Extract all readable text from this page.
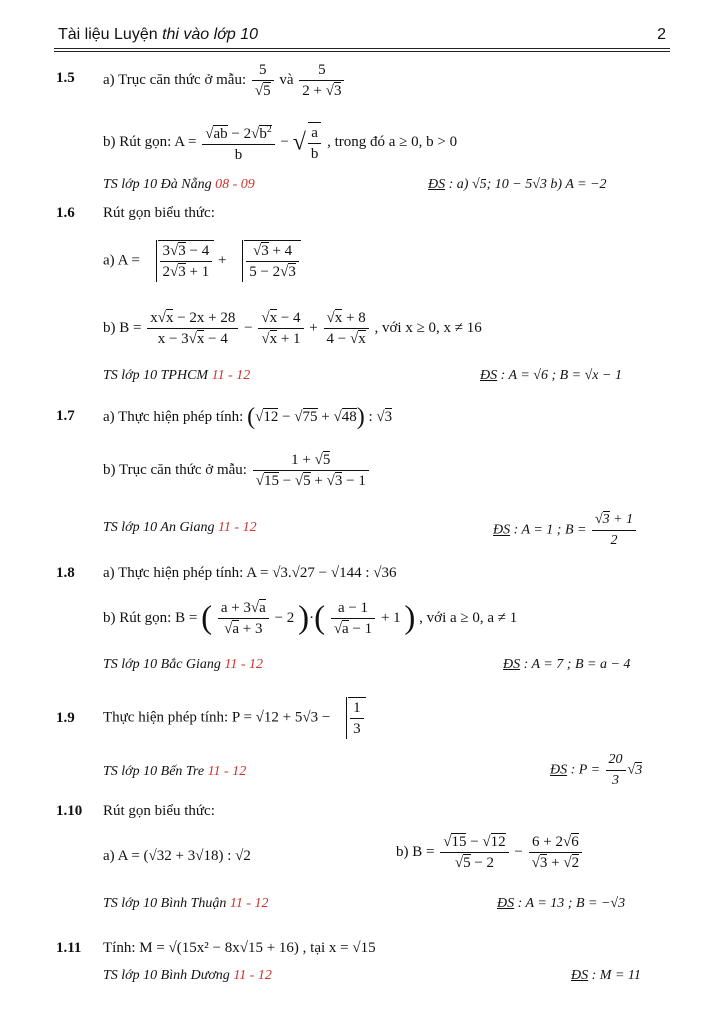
Tài liệu Luyện thi vào lớp 10	2
1.5 a) Trục căn thức ở mẫu: $\frac{5}{√5}$ và $\frac{5}{2 + √3}$
b) Rút gọn: $A = \frac{√ab - 2√b^2}{b}$ − √ $\frac{a}{b}$ , trong đó a ≥ 0, b > 0
TS lớp 10 Đà Nẵng 08 - 09	ĐS : a) √5; 10 − 5√3 b) A = −2
1.6 Rút gọn biểu thức:
a) $A = \frac{3√3 - 4}{2√3 + 1} + \frac{√3 + 4}{5 - 2√3}$
b) $B = \frac{x√x - 2x + 28}{x - 3√x - 4} - \frac{√x - 4}{√x + 1} + \frac{√x + 8}{4 - √x}$ , với x ≥ 0, x ≠ 16
TS lớp 10 TPHCM 11 - 12	ĐS : A = √6 ; B = √x − 1
1.7 a) Thực hiện phép tính: (√12 − √75 + √48) : √3
b) Trục căn thức ở mẫu: $\frac{1 + √5}{√15 - √5 + √3 - 1}$
TS lớp 10 An Giang 11 - 12	ĐS : A = 1 ; $B = \frac{√3 + 1}{2}$
1.8 a) Thực hiện phép tính: A = √3.√27 − √144 : √36
b) Rút gọn: B = ( $\frac{a + 3√a}{√a + 3} - 2$ )·( $\frac{a - 1}{√a - 1} + 1$ ) , với a ≥ 0, a ≠ 1
TS lớp 10 Bắc Giang 11 - 12	ĐS : A = 7 ; B = a − 4
1.9 Thực hiện phép tính: $P = √12 + 5√3 - \frac{1}{3}$
TS lớp 10 Bến Tre 11 - 12	ĐS : $P = \frac{20}{3} √3$
1.10 Rút gọn biểu thức:
a) A = (√32 + 3√18) : √2	b) $B = \frac{√15 - √12}{√5 - 2} - \frac{6 + 2√6}{√3 + √2}$
TS lớp 10 Bình Thuận 11 - 12	ĐS : A = 13 ; B = −√3
1.11 Tính: M = √(15x² − 8x√15 + 16) , tại x = √15
TS lớp 10 Bình Dương 11 - 12	ĐS : M = 11
